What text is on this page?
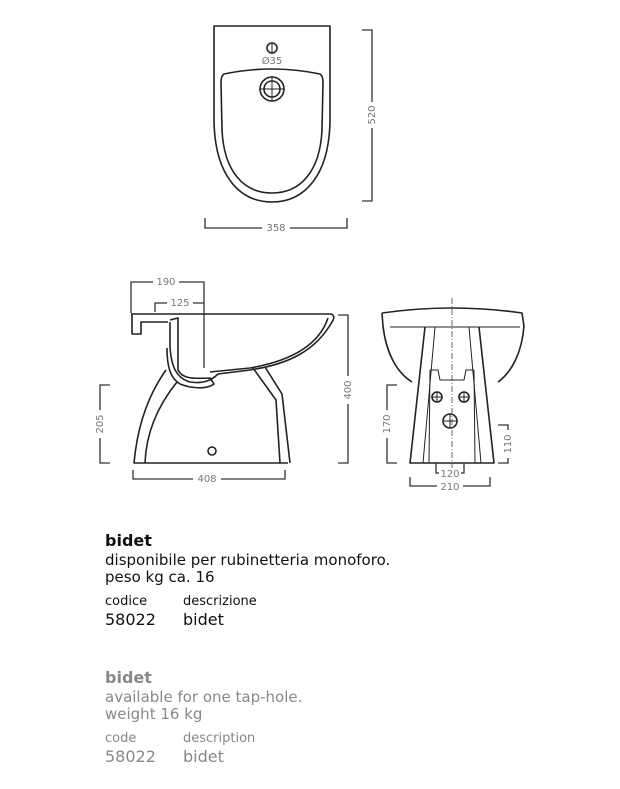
Ø35
520
358
190
125
400
205
408
170
110
120
210
bidet
disponibile per rubinetteria monoforo.
peso kg ca. 16
codice	descrizione
58022	bidet
bidet
available for one tap-hole.
weight 16 kg
code	description
58022	bidet
